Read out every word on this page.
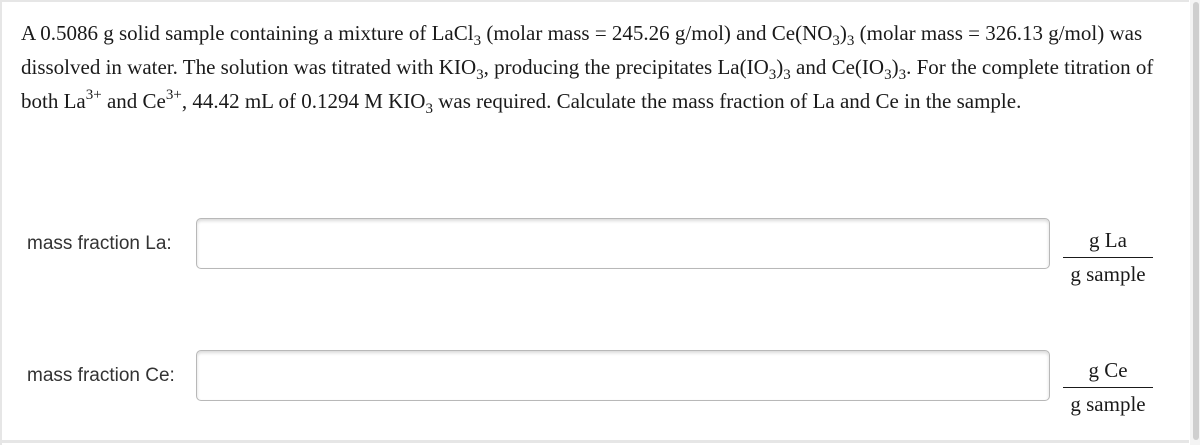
A 0.5086 g solid sample containing a mixture of LaCl$_3$ (molar mass = 245.26 g/mol) and $Ce(NO_3)_3$ (molar mass = 326.13 g/mol) was dissolved in water. The solution was titrated with $KIO_3$, producing the precipitates $La(IO_3)_3$ and $Ce(IO_3)_3$. For the complete titration of both $La^{3+}$ and $Ce^{3+}$, 44.42 mL of 0.1294 M $KIO_3$ was required. Calculate the mass fraction of La and Ce in the sample.
mass fraction La:	g La
g sample
mass fraction Ce:	g Ce
g sample
